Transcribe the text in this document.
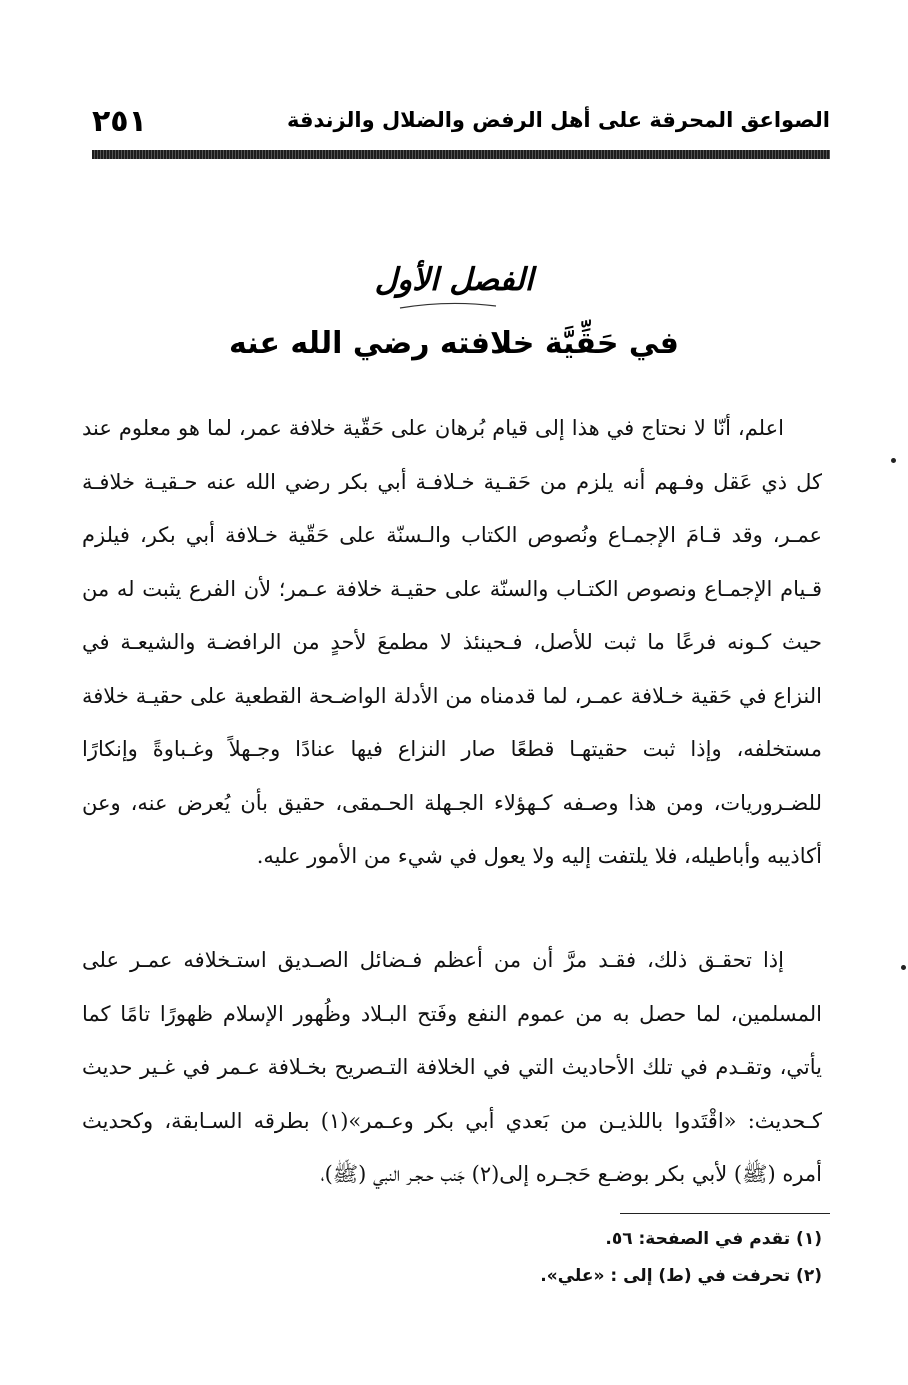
الصواعق المحرقة على أهل الرفض والضلال والزندقة
٢٥١
الفصل الأول
في حَقِّيَّة خلافته رضي الله عنه

اعلم، أنّا لا نحتاج في هذا إلى قيام بُرهان على حَقّية خلافة عمر، لما هو معلوم عند كل ذي عَقل وفـهم أنه يلزم من حَقـية خـلافـة أبي بكر رضي الله عنه حـقيـة خلافـة عمـر، وقد قـامَ الإجمـاع ونُصوص الكتاب والـسنّة على حَقّية خـلافة أبي بكر، فيلزم قـيام الإجمـاع ونصوص الكتـاب والسنّة على حقيـة خلافة عـمر؛ لأن الفرع يثبت له من حيث كـونه فرعًا ما ثبت للأصل، فـحينئذ لا مطمعَ لأحدٍ من الرافضـة والشيعـة في النزاع في حَقية خـلافة عمـر، لما قدمناه من الأدلة الواضـحة القطعية على حقيـة خلافة مستخلفه، وإذا ثبت حقيتهـا قطعًا صار النزاع فيها عنادًا وجـهلاً وغـباوةً وإنكارًا للضـروريات، ومن هذا وصـفه كـهؤلاء الجـهلة الحـمقى، حقيق بأن يُعرض عنه، وعن أكاذيبه وأباطيله، فلا يلتفت إليه ولا يعول في شيء من الأمور عليه.

إذا تحقـق ذلك، فقـد مرَّ أن من أعظم فـضائل الصـديق استـخلافه عمـر على المسلمين، لما حصل به من عموم النفع وفَتح البـلاد وظُهور الإسلام ظهورًا تامًا كما يأتي، وتقـدم في تلك الأحاديث التي في الخلافة التـصريح بخـلافة عـمر في غـير حديث كـحديث: «اقْتَدوا باللذيـن من بَعدي أبي بكر وعـمر»(١) بطرقه السـابقة، وكحديث أمره (ﷺ) لأبي بكر بوضـع حَجـره إلى(٢) جَنب حـجـر النبي (ﷺ)،

(١) تقدم في الصفحة: ٥٦.
(٢) تحرفت في (ط) إلى : «علي».
